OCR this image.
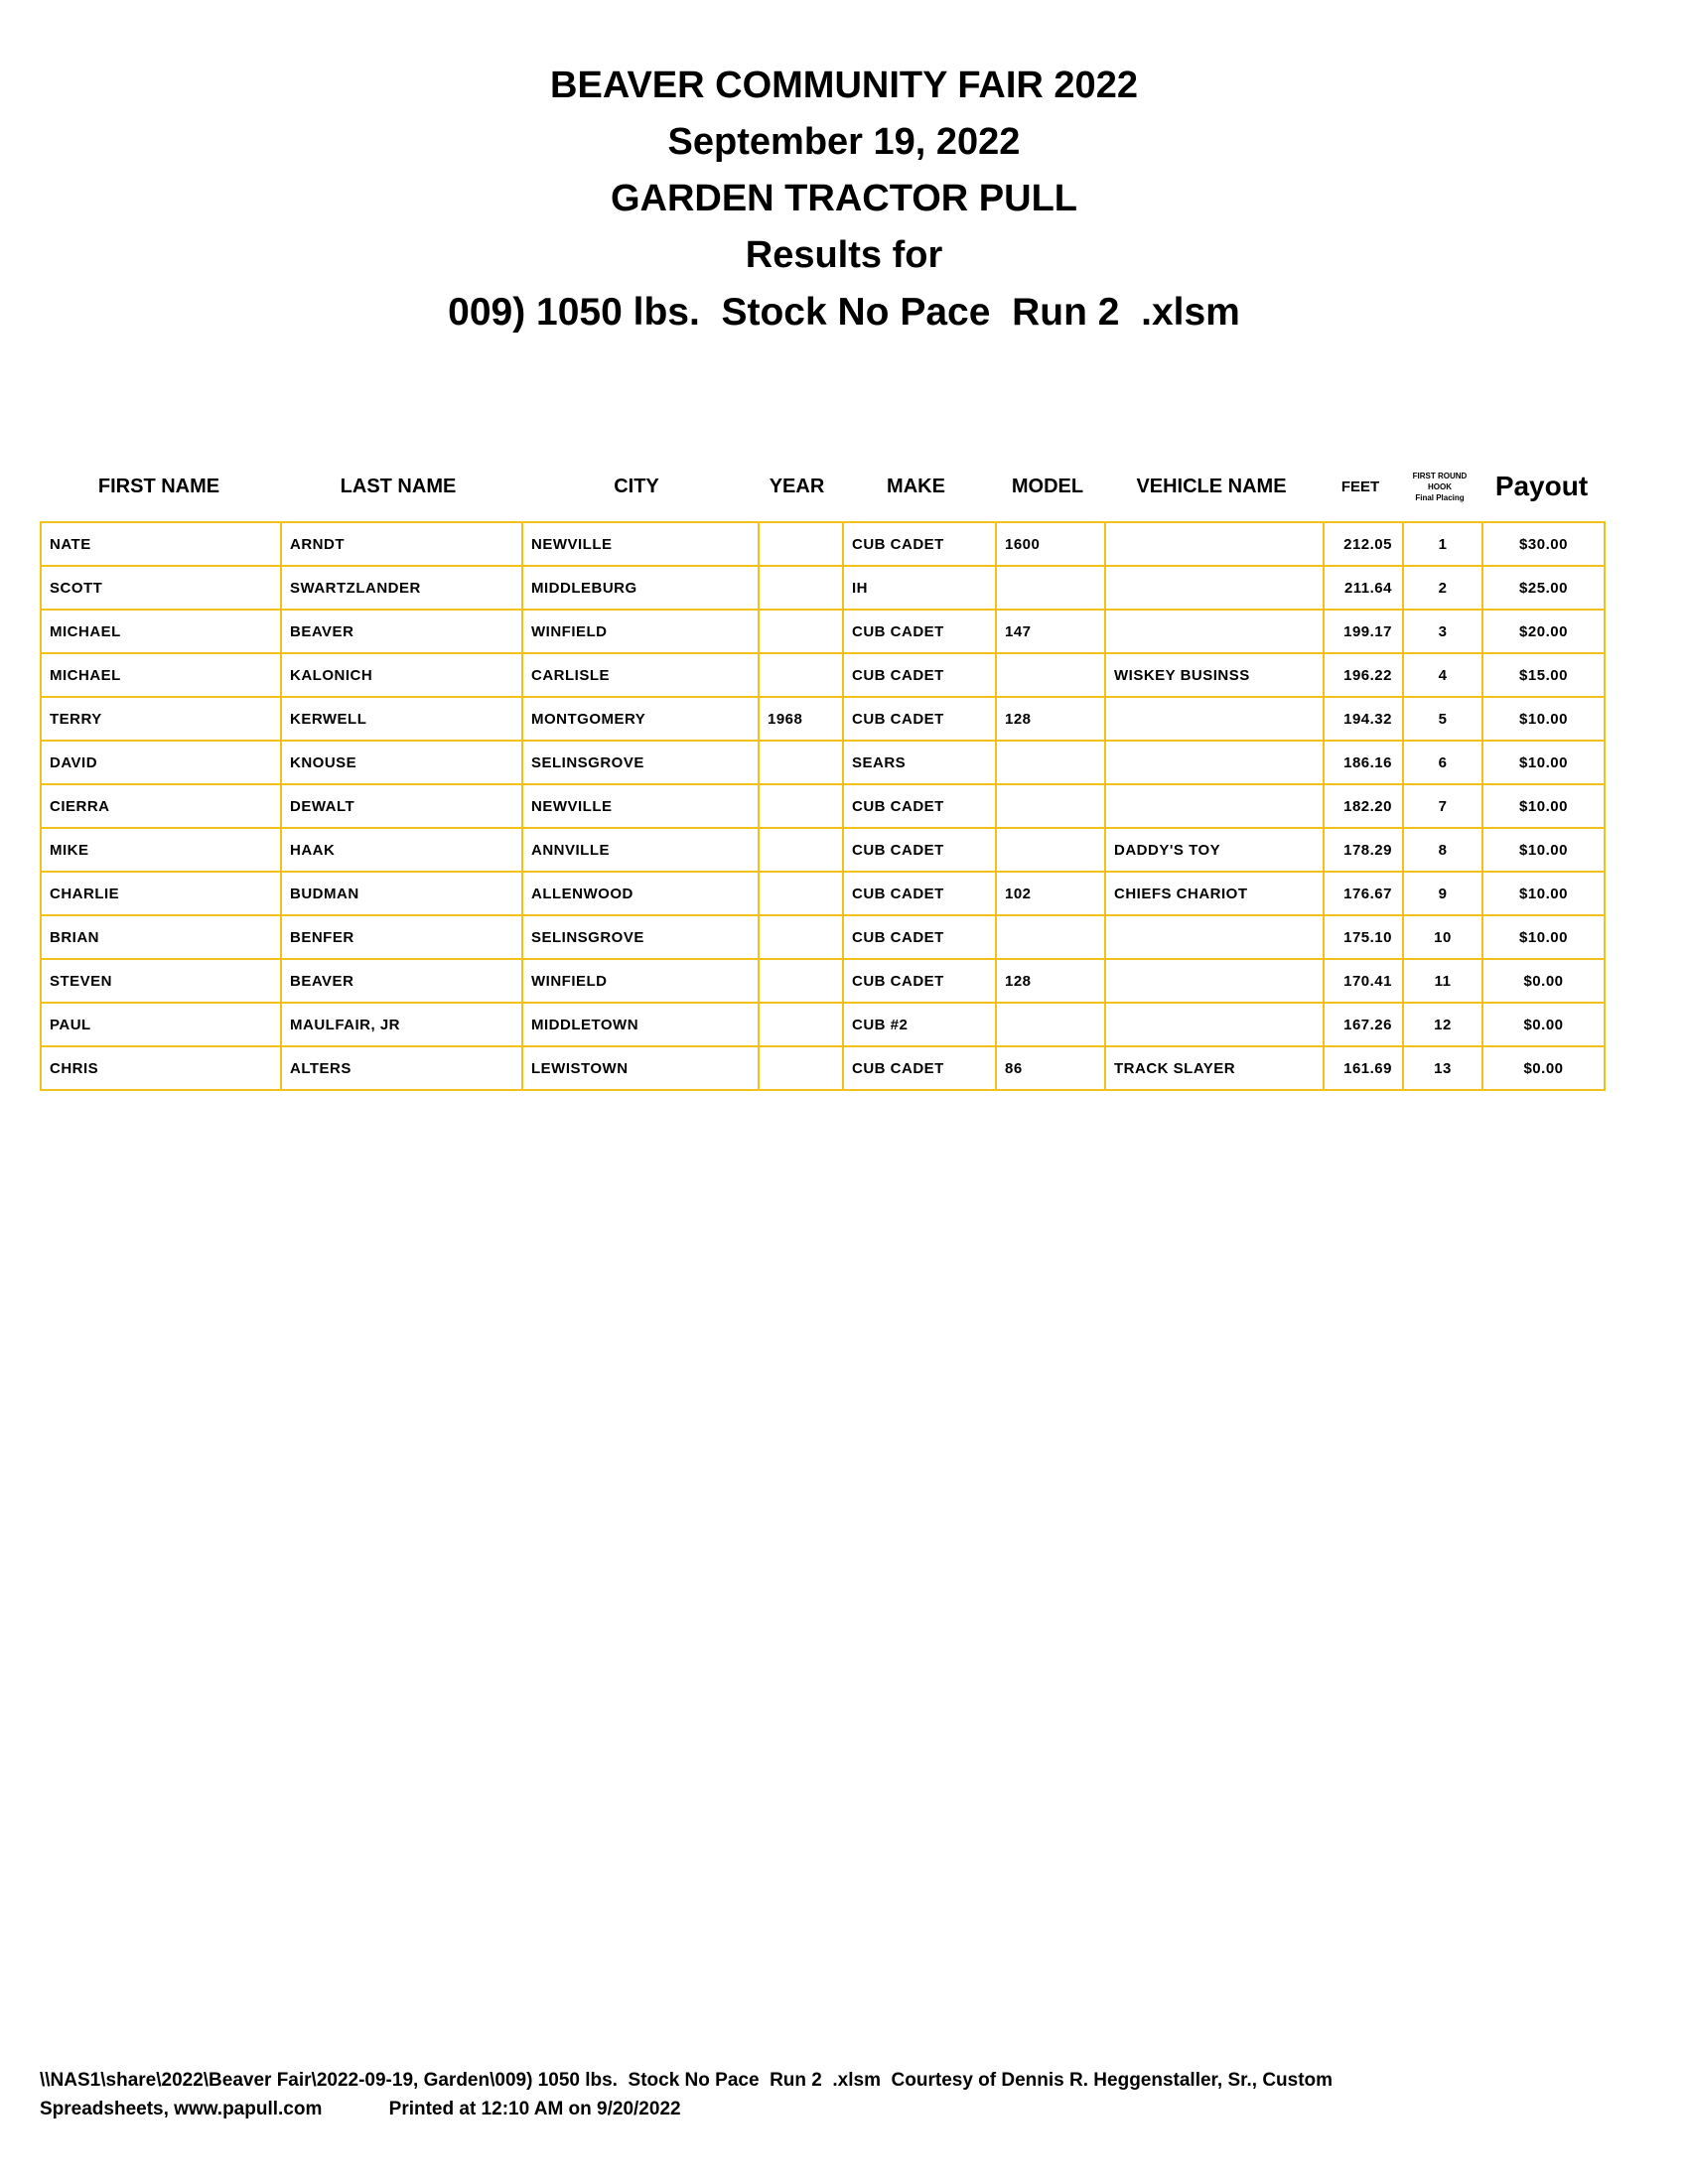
BEAVER COMMUNITY FAIR 2022
September 19, 2022
GARDEN TRACTOR PULL
Results for
009) 1050 lbs.  Stock No Pace  Run 2  .xlsm
FIRST NAME	LAST NAME	CITY	YEAR	MAKE	MODEL	VEHICLE NAME	FEET
FIRST ROUND
HOOK
Final Placing	Payout
NATE	ARNDT	NEWVILLE		CUB CADET	1600		212.05	1	$30.00
SCOTT	SWARTZLANDER	MIDDLEBURG		IH			211.64	2	$25.00
MICHAEL	BEAVER	WINFIELD		CUB CADET	147		199.17	3	$20.00
MICHAEL	KALONICH	CARLISLE		CUB CADET		WISKEY BUSINSS	196.22	4	$15.00
TERRY	KERWELL	MONTGOMERY	1968	CUB CADET	128		194.32	5	$10.00
DAVID	KNOUSE	SELINSGROVE		SEARS			186.16	6	$10.00
CIERRA	DEWALT	NEWVILLE		CUB CADET			182.20	7	$10.00
MIKE	HAAK	ANNVILLE		CUB CADET		DADDY'S TOY	178.29	8	$10.00
CHARLIE	BUDMAN	ALLENWOOD		CUB CADET	102	CHIEFS CHARIOT	176.67	9	$10.00
BRIAN	BENFER	SELINSGROVE		CUB CADET			175.10	10	$10.00
STEVEN	BEAVER	WINFIELD		CUB CADET	128		170.41	11	$0.00
PAUL	MAULFAIR, JR	MIDDLETOWN		CUB #2			167.26	12	$0.00
CHRIS	ALTERS	LEWISTOWN		CUB CADET	86	TRACK SLAYER	161.69	13	$0.00
\\NAS1\share\2022\Beaver Fair\2022-09-19, Garden\009) 1050 lbs.  Stock No Pace  Run 2  .xlsm  Courtesy of Dennis R. Heggenstaller, Sr., Custom
Spreadsheets, www.papull.com	Printed at 12:10 AM on 9/20/2022
